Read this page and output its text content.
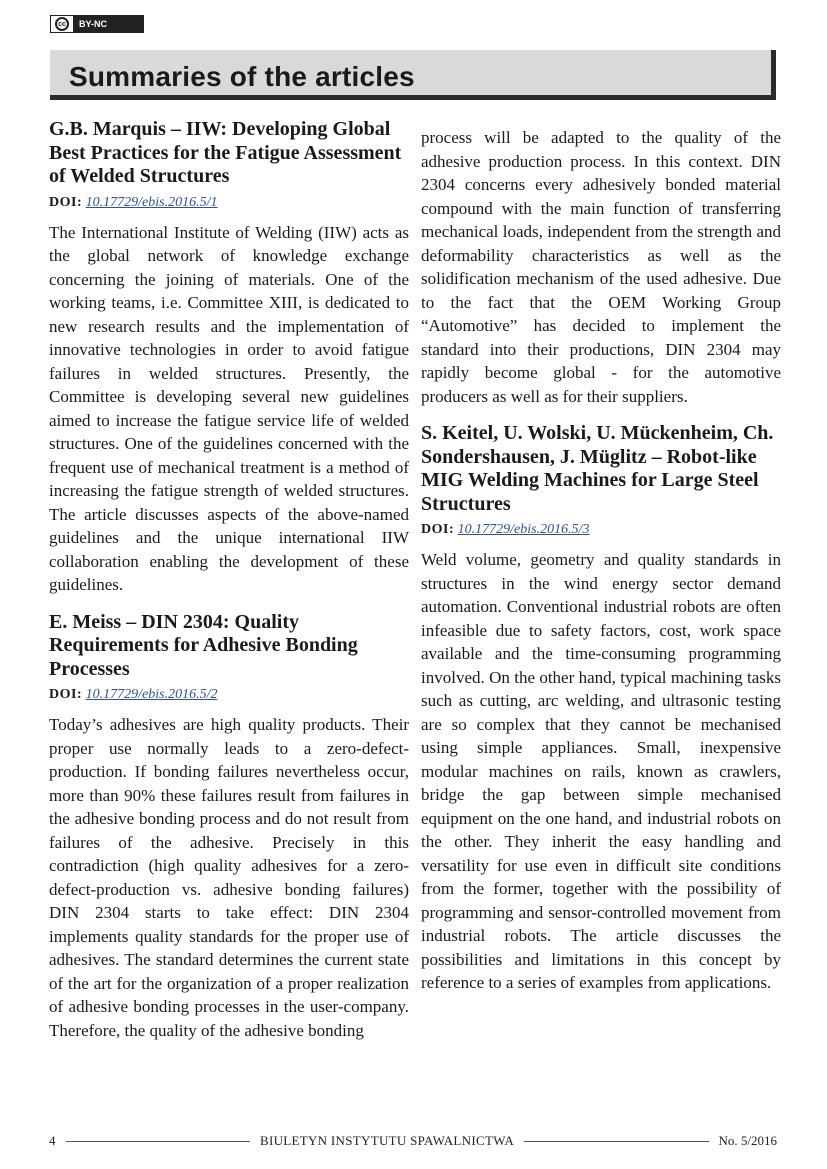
cc	BY-NC
Summaries of the articles
G.B. Marquis – IIW: Developing Global Best Practices for the Fatigue Assessment of Welded Structures
DOI: 10.17729/ebis.2016.5/1

The International Institute of Welding (IIW) acts as the global network of knowledge exchange concerning the joining of materials. One of the working teams, i.e. Committee XIII, is dedicated to new research results and the implementation of innovative technologies in order to avoid fatigue failures in welded structures. Presently, the Committee is developing several new guidelines aimed to increase the fatigue service life of welded structures. One of the guidelines concerned with the frequent use of mechanical treatment is a method of increasing the fatigue strength of welded structures. The article discusses aspects of the above-named guidelines and the unique international IIW collaboration enabling the development of these guidelines.

E. Meiss – DIN 2304: Quality Requirements for Adhesive Bonding Processes
DOI: 10.17729/ebis.2016.5/2

Today’s adhesives are high quality products. Their proper use normally leads to a zero-defect-production. If bonding failures nevertheless occur, more than 90% these failures result from failures in the adhesive bonding process and do not result from failures of the adhesive. Precisely in this contradiction (high quality adhesives for a zero-defect-production vs. adhesive bonding failures) DIN 2304 starts to take effect: DIN 2304 implements quality standards for the proper use of adhesives. The standard determines the current state of the art for the organization of a proper realization of adhesive bonding processes in the user-company. Therefore, the quality of the adhesive bonding

process will be adapted to the quality of the adhesive production process. In this context. DIN 2304 concerns every adhesively bonded material compound with the main function of transferring mechanical loads, independent from the strength and deformability characteristics as well as the solidification mechanism of the used adhesive. Due to the fact that the OEM Working Group “Automotive” has decided to implement the standard into their productions, DIN 2304 may rapidly become global - for the automotive producers as well as for their suppliers.

S. Keitel, U. Wolski, U. Mückenheim, Ch. Sondershausen, J. Müglitz – Robot-like MIG Welding Machines for Large Steel Structures
DOI: 10.17729/ebis.2016.5/3

Weld volume, geometry and quality standards in structures in the wind energy sector demand automation. Conventional industrial robots are often infeasible due to safety factors, cost, work space available and the time-consuming programming involved. On the other hand, typical machining tasks such as cutting, arc welding, and ultrasonic testing are so complex that they cannot be mechanised using simple appliances. Small, inexpensive modular machines on rails, known as crawlers, bridge the gap between simple mechanised equipment on the one hand, and industrial robots on the other. They inherit the easy handling and versatility for use even in difficult site conditions from the former, together with the possibility of programming and sensor-controlled movement from industrial robots. The article discusses the possibilities and limitations in this concept by reference to a series of examples from applications.

4	BIULETYN INSTYTUTU SPAWALNICTWA	No. 5/2016
